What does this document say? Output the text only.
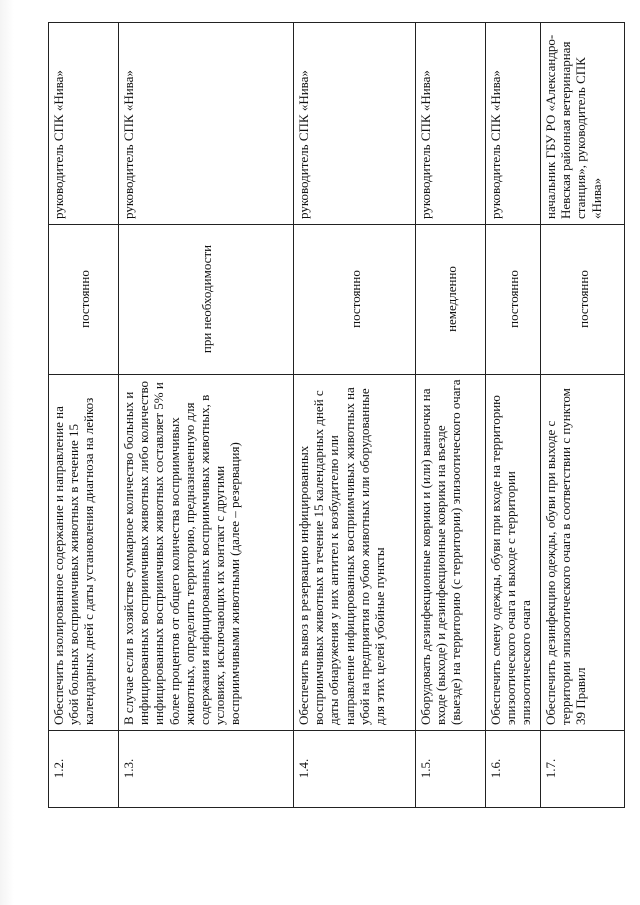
1.2.	Обеспечить изолированное содержание и направление на убой больных восприимчивых животных в течение 15 календарных дней с даты установления диагноза на лейкоз	постоянно	руководитель СПК «Нива»
1.3.	В случае если в хозяйстве суммарное количество больных и инфицированных восприимчивых животных либо количество инфицированных восприимчивых животных составляет 5% и более процентов от общего количества восприимчивых животных, определить территорию, предназначенную для содержания инфицированных восприимчивых животных, в условиях, исключающих их контакт с другими восприимчивыми животными (далее – резервация)	при необходимости	руководитель СПК «Нива»
1.4.	Обеспечить вывоз в резервацию инфицированных восприимчивых животных в течение 15 календарных дней с даты обнаружения у них антител к возбудителю или направление инфицированных восприимчивых животных на убой на предприятия по убою животных или оборудованные для этих целей убойные пункты	постоянно	руководитель СПК «Нива»
1.5.	Оборудовать дезинфекционные коврики и (или) ванночки на входе (выходе) и дезинфекционные коврики на въезде (выезде) на территорию (с территории) эпизоотического очага	немедленно	руководитель СПК «Нива»
1.6.	Обеспечить смену одежды, обуви при входе на территорию эпизоотического очага и выходе с территории эпизоотического очага	постоянно	руководитель СПК «Нива»
1.7.	Обеспечить дезинфекцию одежды, обуви при выходе с территории эпизоотического очага в соответствии с пунктом 39 Правил	постоянно	начальник ГБУ РО «Александро-Невская районная ветеринарная станция», руководитель СПК «Нива»
